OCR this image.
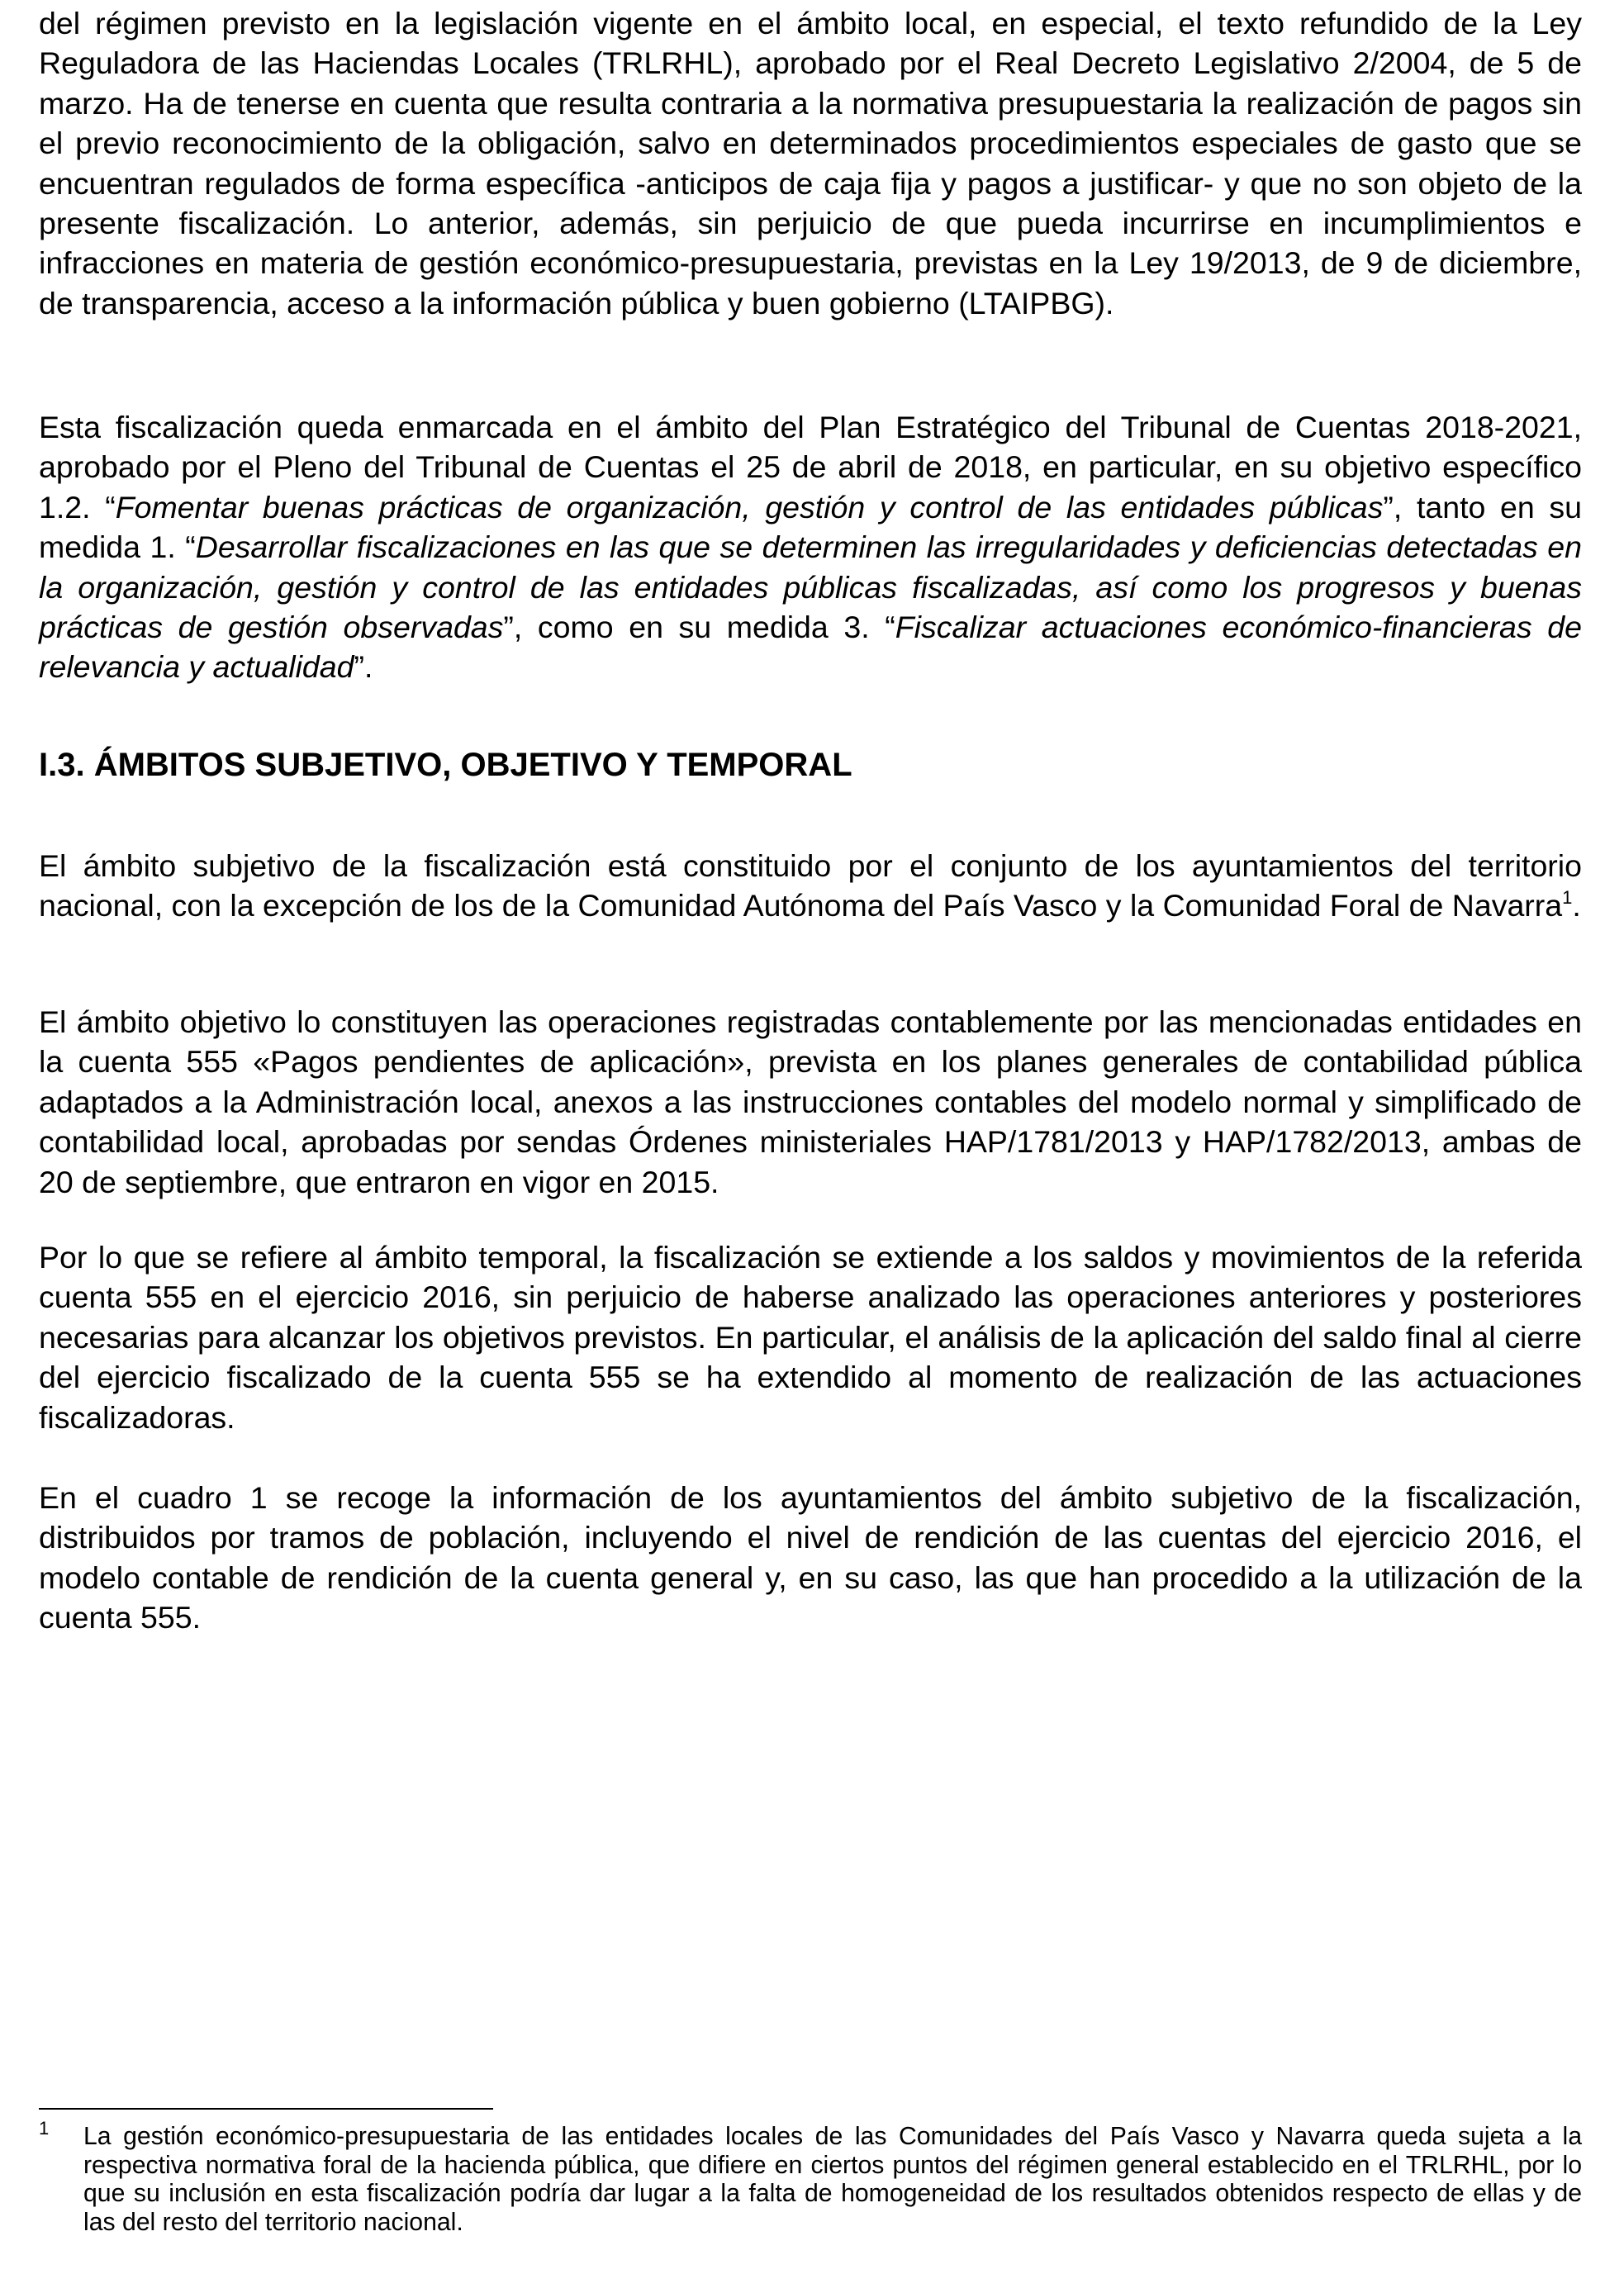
del régimen previsto en la legislación vigente en el ámbito local, en especial, el texto refundido de la Ley Reguladora de las Haciendas Locales (TRLRHL), aprobado por el Real Decreto Legislativo 2/2004, de 5 de marzo. Ha de tenerse en cuenta que resulta contraria a la normativa presupuestaria la realización de pagos sin el previo reconocimiento de la obligación, salvo en determinados procedimientos especiales de gasto que se encuentran regulados de forma específica -anticipos de caja fija y pagos a justificar- y que no son objeto de la presente fiscalización. Lo anterior, además, sin perjuicio de que pueda incurrirse en incumplimientos e infracciones en materia de gestión económico-presupuestaria, previstas en la Ley 19/2013, de 9 de diciembre, de transparencia, acceso a la información pública y buen gobierno (LTAIPBG).

Esta fiscalización queda enmarcada en el ámbito del Plan Estratégico del Tribunal de Cuentas 2018-2021, aprobado por el Pleno del Tribunal de Cuentas el 25 de abril de 2018, en particular, en su objetivo específico 1.2. “Fomentar buenas prácticas de organización, gestión y control de las entidades públicas”, tanto en su medida 1. “Desarrollar fiscalizaciones en las que se determinen las irregularidades y deficiencias detectadas en la organización, gestión y control de las entidades públicas fiscalizadas, así como los progresos y buenas prácticas de gestión observadas”, como en su medida 3. “Fiscalizar actuaciones económico-financieras de relevancia y actualidad”.

I.3. ÁMBITOS SUBJETIVO, OBJETIVO Y TEMPORAL

El ámbito subjetivo de la fiscalización está constituido por el conjunto de los ayuntamientos del territorio nacional, con la excepción de los de la Comunidad Autónoma del País Vasco y la Comunidad Foral de Navarra$^1$.

El ámbito objetivo lo constituyen las operaciones registradas contablemente por las mencionadas entidades en la cuenta 555 «Pagos pendientes de aplicación», prevista en los planes generales de contabilidad pública adaptados a la Administración local, anexos a las instrucciones contables del modelo normal y simplificado de contabilidad local, aprobadas por sendas Órdenes ministeriales HAP/1781/2013 y HAP/1782/2013, ambas de 20 de septiembre, que entraron en vigor en 2015.

Por lo que se refiere al ámbito temporal, la fiscalización se extiende a los saldos y movimientos de la referida cuenta 555 en el ejercicio 2016, sin perjuicio de haberse analizado las operaciones anteriores y posteriores necesarias para alcanzar los objetivos previstos. En particular, el análisis de la aplicación del saldo final al cierre del ejercicio fiscalizado de la cuenta 555 se ha extendido al momento de realización de las actuaciones fiscalizadoras.

En el cuadro 1 se recoge la información de los ayuntamientos del ámbito subjetivo de la fiscalización, distribuidos por tramos de población, incluyendo el nivel de rendición de las cuentas del ejercicio 2016, el modelo contable de rendición de la cuenta general y, en su caso, las que han procedido a la utilización de la cuenta 555.

1	La gestión económico-presupuestaria de las entidades locales de las Comunidades del País Vasco y Navarra queda sujeta a la respectiva normativa foral de la hacienda pública, que difiere en ciertos puntos del régimen general establecido en el TRLRHL, por lo que su inclusión en esta fiscalización podría dar lugar a la falta de homogeneidad de los resultados obtenidos respecto de ellas y de las del resto del territorio nacional.
